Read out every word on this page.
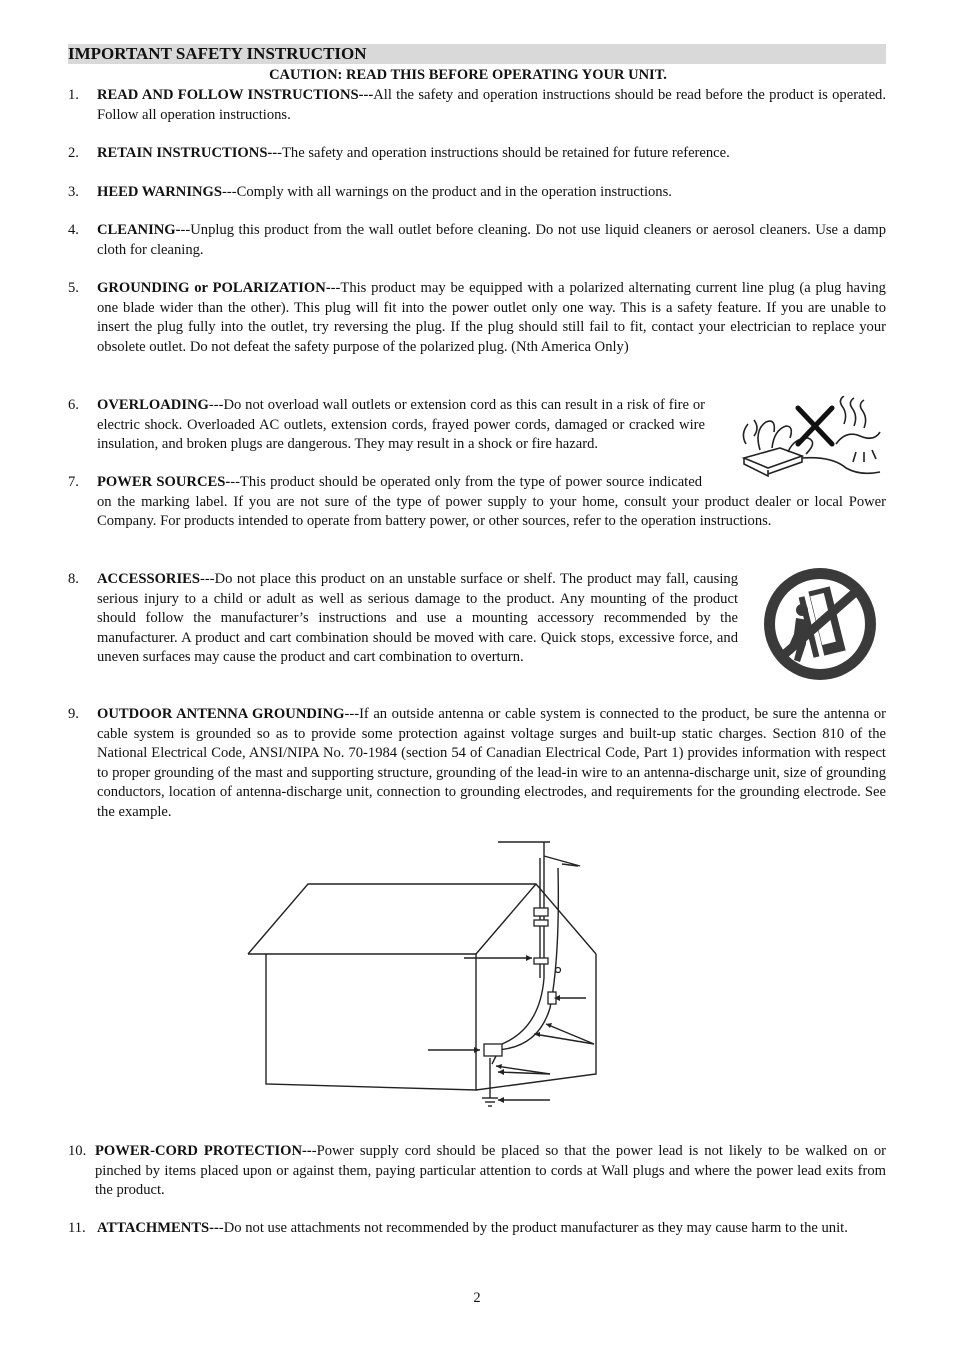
IMPORTANT SAFETY INSTRUCTION
CAUTION: READ THIS BEFORE OPERATING YOUR UNIT.
1. READ AND FOLLOW INSTRUCTIONS---All the safety and operation instructions should be read before the product is operated. Follow all operation instructions.
2. RETAIN INSTRUCTIONS---The safety and operation instructions should be retained for future reference.
3. HEED WARNINGS---Comply with all warnings on the product and in the operation instructions.
4. CLEANING---Unplug this product from the wall outlet before cleaning. Do not use liquid cleaners or aerosol cleaners. Use a damp cloth for cleaning.
5. GROUNDING or POLARIZATION---This product may be equipped with a polarized alternating current line plug (a plug having one blade wider than the other). This plug will fit into the power outlet only one way. This is a safety feature. If you are unable to insert the plug fully into the outlet, try reversing the plug. If the plug should still fail to fit, contact your electrician to replace your obsolete outlet. Do not defeat the safety purpose of the polarized plug. (Nth America Only)
6. OVERLOADING---Do not overload wall outlets or extension cord as this can result in a risk of fire or electric shock. Overloaded AC outlets, extension cords, frayed power cords, damaged or cracked wire insulation, and broken plugs are dangerous. They may result in a shock or fire hazard.
7. POWER SOURCES---This product should be operated only from the type of power source indicated on the marking label. If you are not sure of the type of power supply to your home, consult your product dealer or local Power Company. For products intended to operate from battery power, or other sources, refer to the operation instructions.
8. ACCESSORIES---Do not place this product on an unstable surface or shelf. The product may fall, causing serious injury to a child or adult as well as serious damage to the product. Any mounting of the product should follow the manufacturer’s instructions and use a mounting accessory recommended by the manufacturer. A product and cart combination should be moved with care. Quick stops, excessive force, and uneven surfaces may cause the product and cart combination to overturn.
9. OUTDOOR ANTENNA GROUNDING---If an outside antenna or cable system is connected to the product, be sure the antenna or cable system is grounded so as to provide some protection against voltage surges and built-up static charges. Section 810 of the National Electrical Code, ANSI/NIPA No. 70-1984 (section 54 of Canadian Electrical Code, Part 1) provides information with respect to proper grounding of the mast and supporting structure, grounding of the lead-in wire to an antenna-discharge unit, size of grounding conductors, location of antenna-discharge unit, connection to grounding electrodes, and requirements for the grounding electrode. See the example.
10. POWER-CORD PROTECTION---Power supply cord should be placed so that the power lead is not likely to be walked on or pinched by items placed upon or against them, paying particular attention to cords at Wall plugs and where the power lead exits from the product.
11. ATTACHMENTS---Do not use attachments not recommended by the product manufacturer as they may cause harm to the unit.
2
